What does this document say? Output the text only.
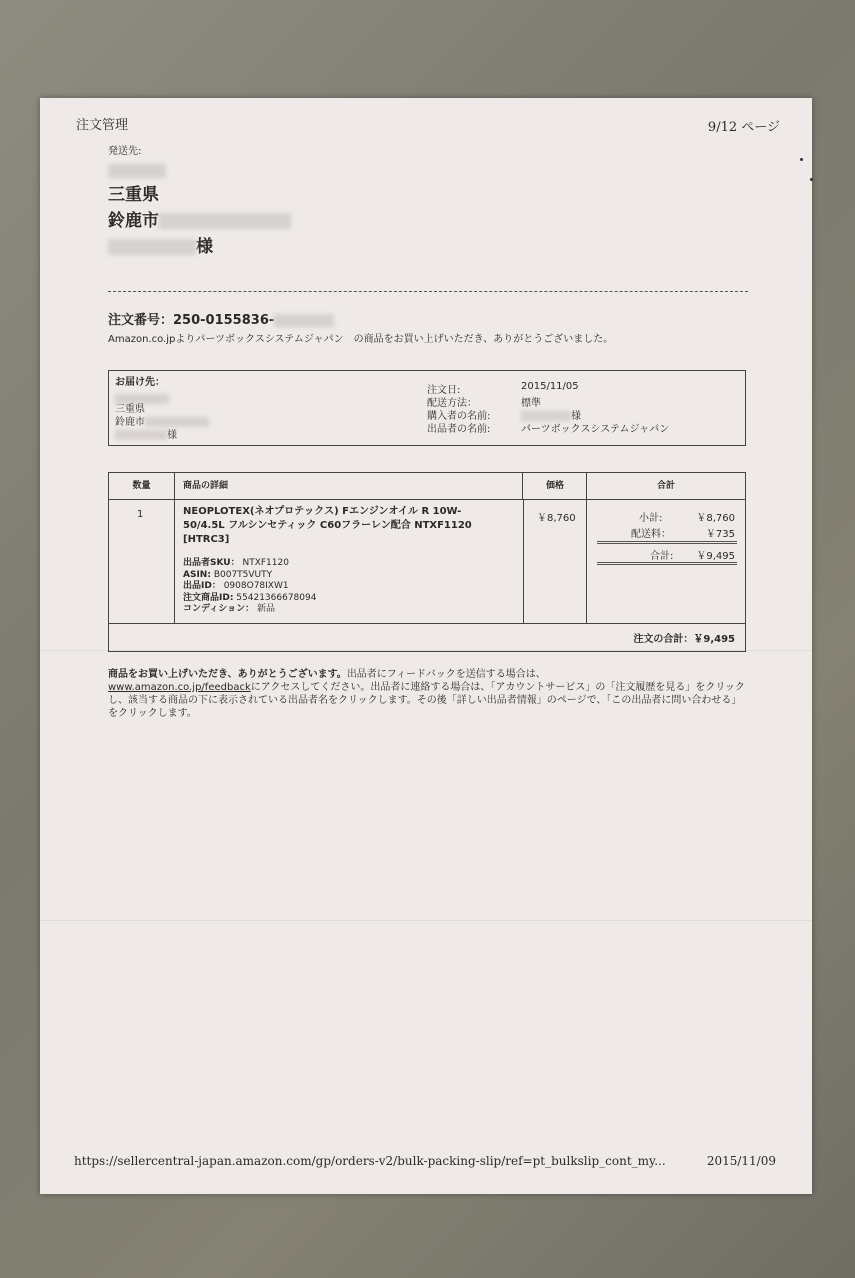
注文管理	9/12 ページ
発送先:
三重県
鈴鹿市
様
注文番号：250-0155836-
Amazon.co.jpよりパーツボックスシステムジャパン　の商品をお買い上げいただき、ありがとうございました。
お届け先：
三重県
鈴鹿市
様
注文日:	2015/11/05
配送方法：	標準
購入者の名前:	様
出品者の名前:	パーツボックスシステムジャパン
数量	商品の詳細	価格	合計
1	NEOPLOTEX(ネオプロテックス) Fエンジンオイル R 10W-
50/4.5L フルシンセティック C60フラーレン配合 NTXF1120
[HTRC3]
出品者SKU： NTXF1120
ASIN: B007T5VUTY
出品ID： 0908O78IXW1
注文商品ID: 55421366678094
コンディション： 新品
￥8,760	小計:	￥8,760
配送料：	￥735
合計: ￥9,495
注文の合計：￥9,495
商品をお買い上げいただき、ありがとうございます。出品者にフィードバックを送信する場合は、
www.amazon.co.jp/feedbackにアクセスしてください。出品者に連絡する場合は、「アカウントサービス」の「注文履歴を見る」をクリックし、該当する商品の下に表示されている出品者名をクリックします。その後「詳しい出品者情報」のページで、「この出品者に問い合わせる」をクリックします。
https://sellercentral-japan.amazon.com/gp/orders-v2/bulk-packing-slip/ref=pt_bulkslip_cont_my...	2015/11/09
